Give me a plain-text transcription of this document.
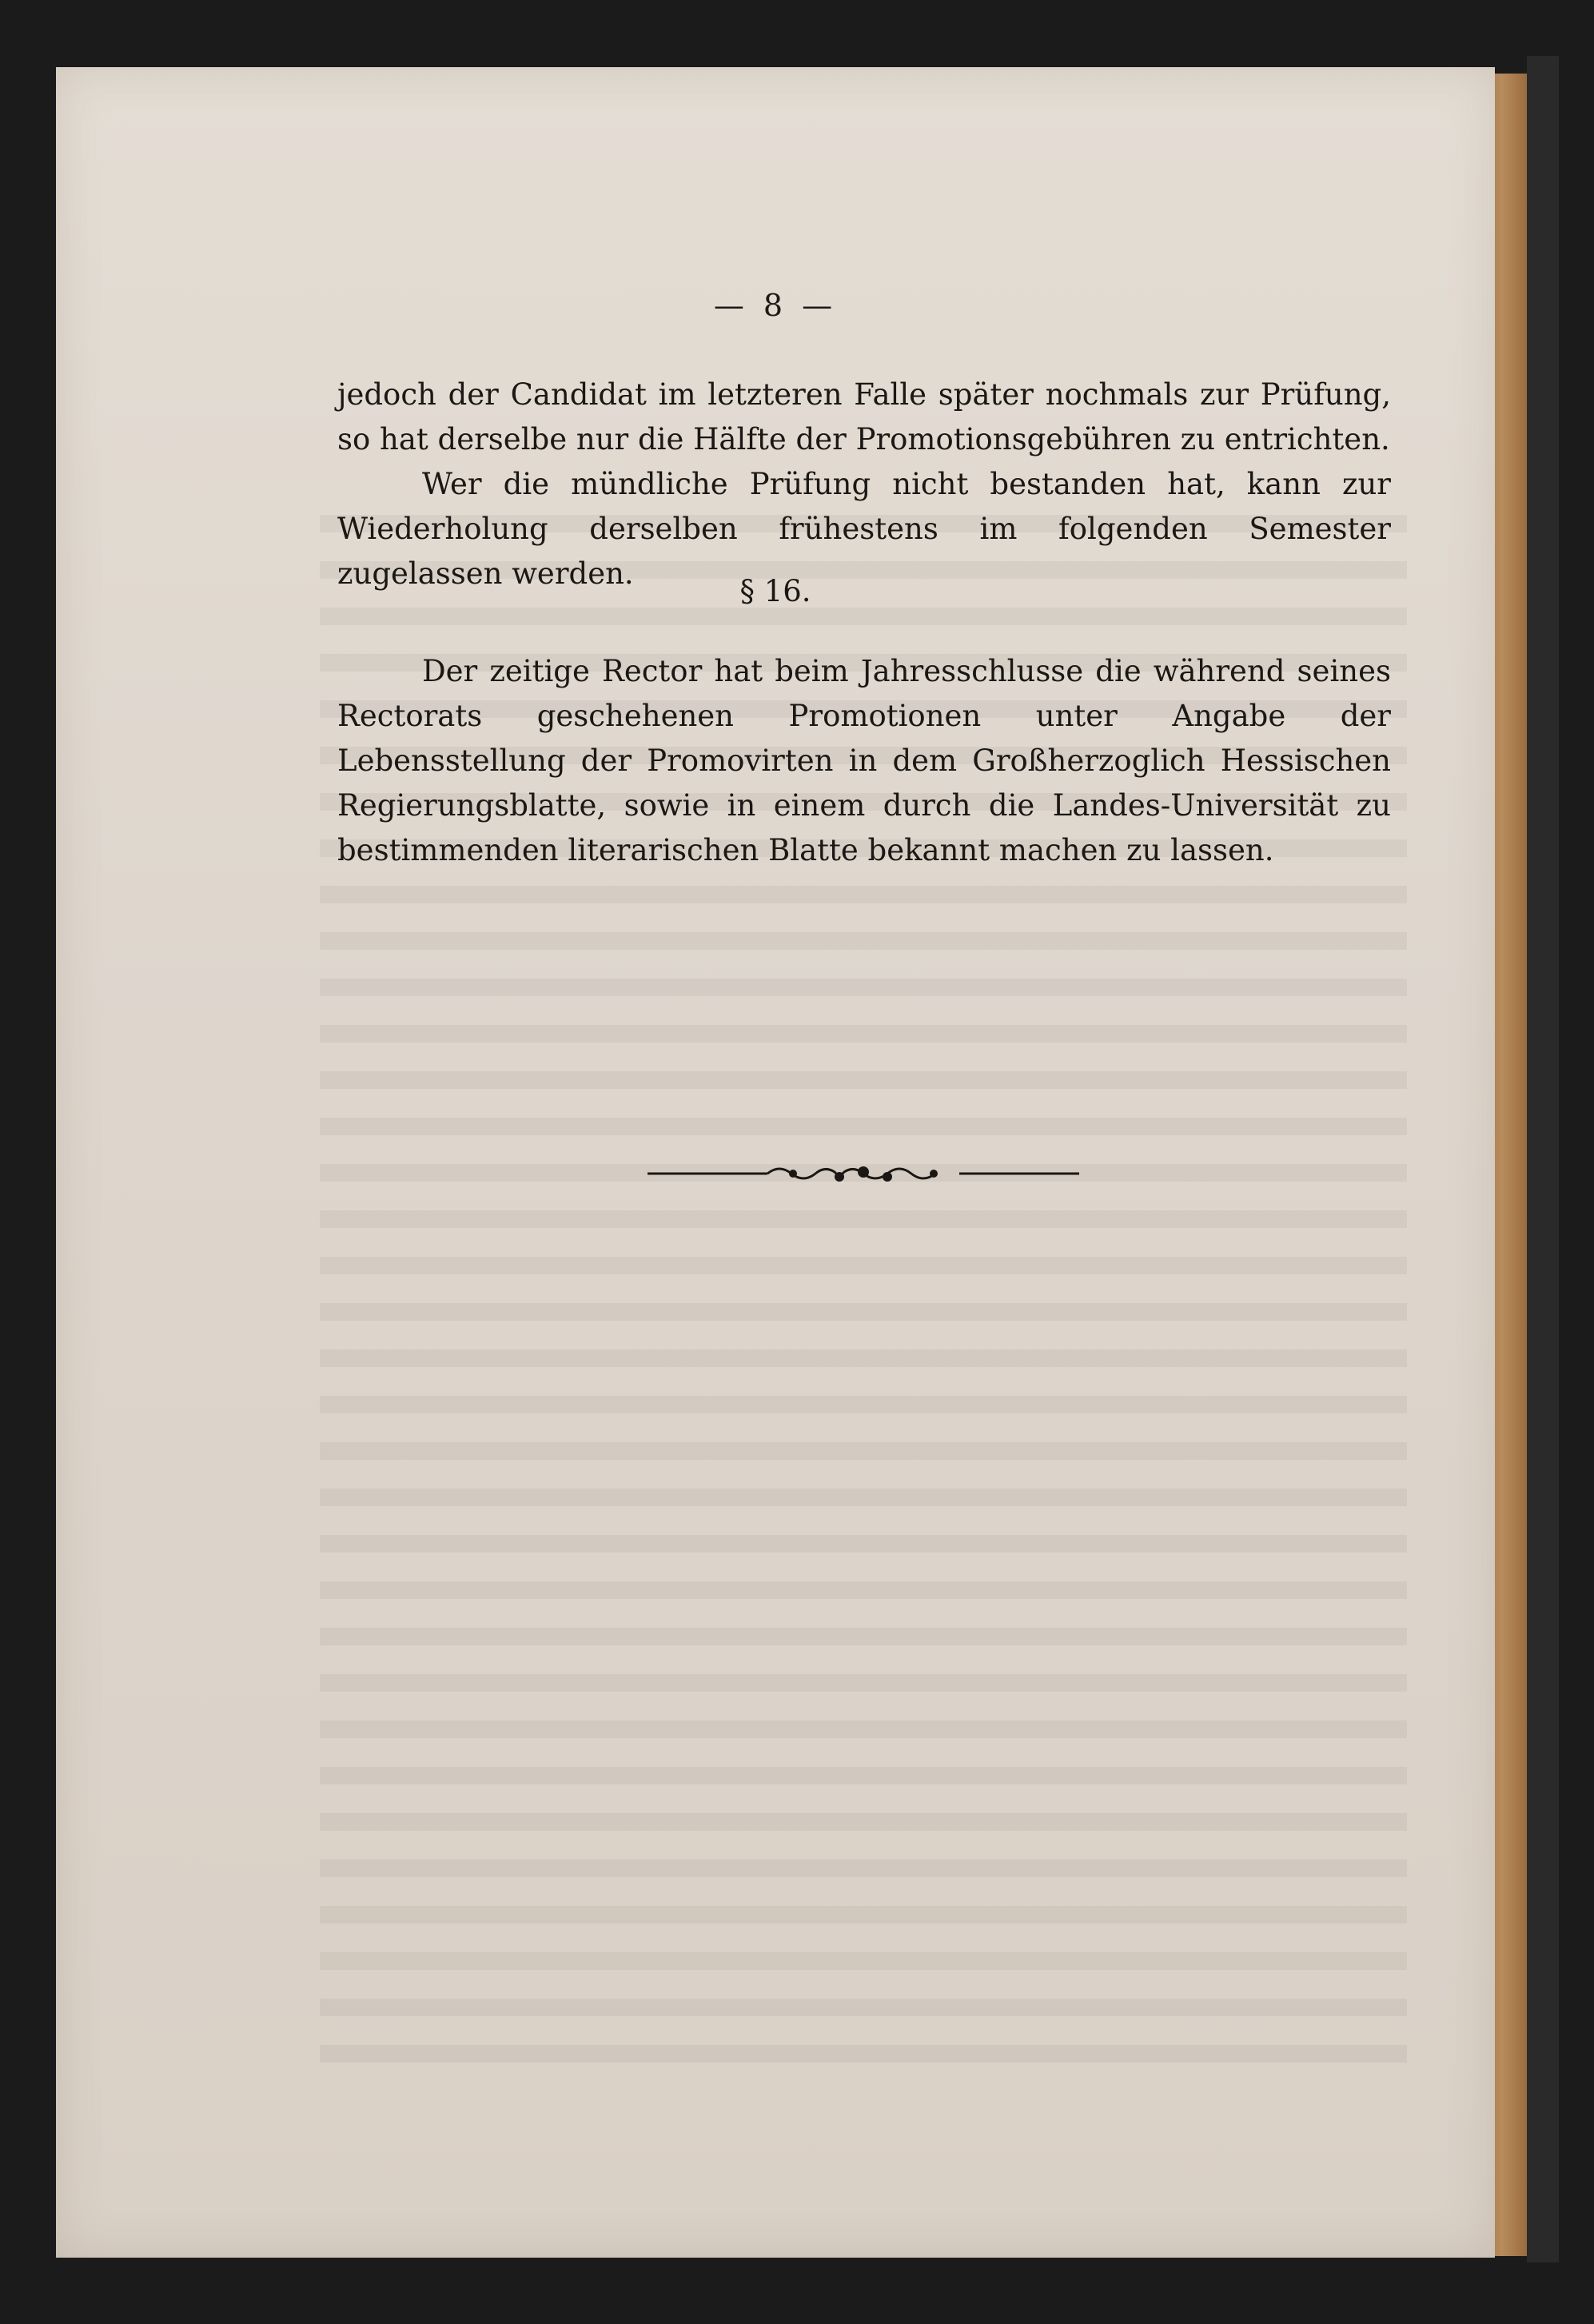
— 8 —

jedoch der Candidat im letzteren Falle später nochmals zur Prüfung, so hat derselbe nur die Hälfte der Promotionsgebühren zu entrichten.

Wer die mündliche Prüfung nicht bestanden hat, kann zur Wiederholung derselben frühestens im folgenden Semester zugelassen werden.

§ 16.

Der zeitige Rector hat beim Jahresschlusse die während seines Rectorats geschehenen Promotionen unter Angabe der Lebensstellung der Promovirten in dem Großherzoglich Hessischen Regierungsblatte, sowie in einem durch die Landes-Universität zu bestimmenden literarischen Blatte bekannt machen zu lassen.
